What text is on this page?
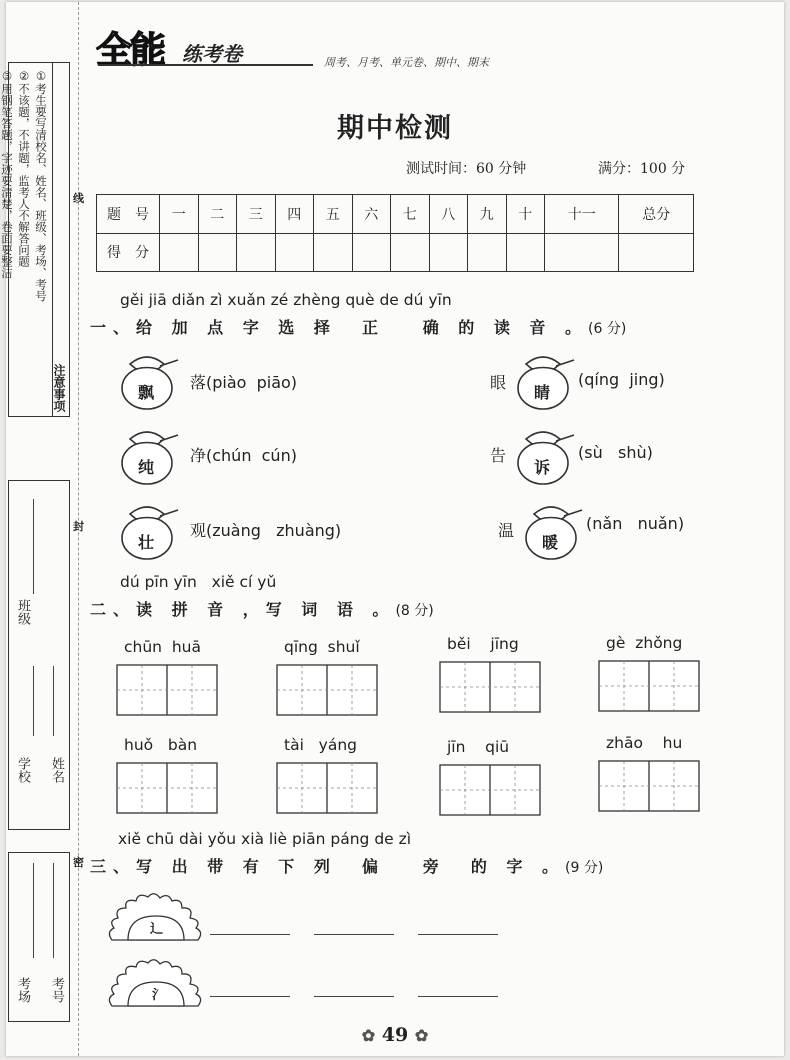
①考生要写清校名、姓名、班级、考场、考号
②不该题，不讲题，监考人不解答问题
③用钢笔答题，字迹要清楚，卷面要整洁
注意事项
班级
学校 姓名
考场 考号
线
封
密
全能 练考卷	周考、月考、单元卷、期中、期末
期中检测
测试时间：60 分钟	满分：100 分
题　号	一	二	三	四	五	六	七	八	九	十	十一	总分
得　分												
gěi jiā diǎn zì xuǎn zé zhèng què de dú yīn
一、给 加 点 字 选 择  正   确 的 读 音 。(6 分)
飘
落(piào  piāo)	眼
睛
(qíng  jing)
纯
净(chún  cún)	告
诉
(sù   shù)
壮
观(zuàng   zhuàng)	温
暖
(nǎn   nuǎn)
dú pīn yīn   xiě cí yǔ
二、读 拼 音 ，写 词 语 。(8 分)
chūn  huā	qīng  shuǐ	běi    jīng	gè  zhǒng
huǒ   bàn	tài   yáng	jīn    qiū	zhāo    hu
xiě chū dài yǒu xià liè piān páng de zì
三、写 出 带 有 下 列  偏   旁  的 字 。(9 分)
辶
氵
✿ 49 ✿
